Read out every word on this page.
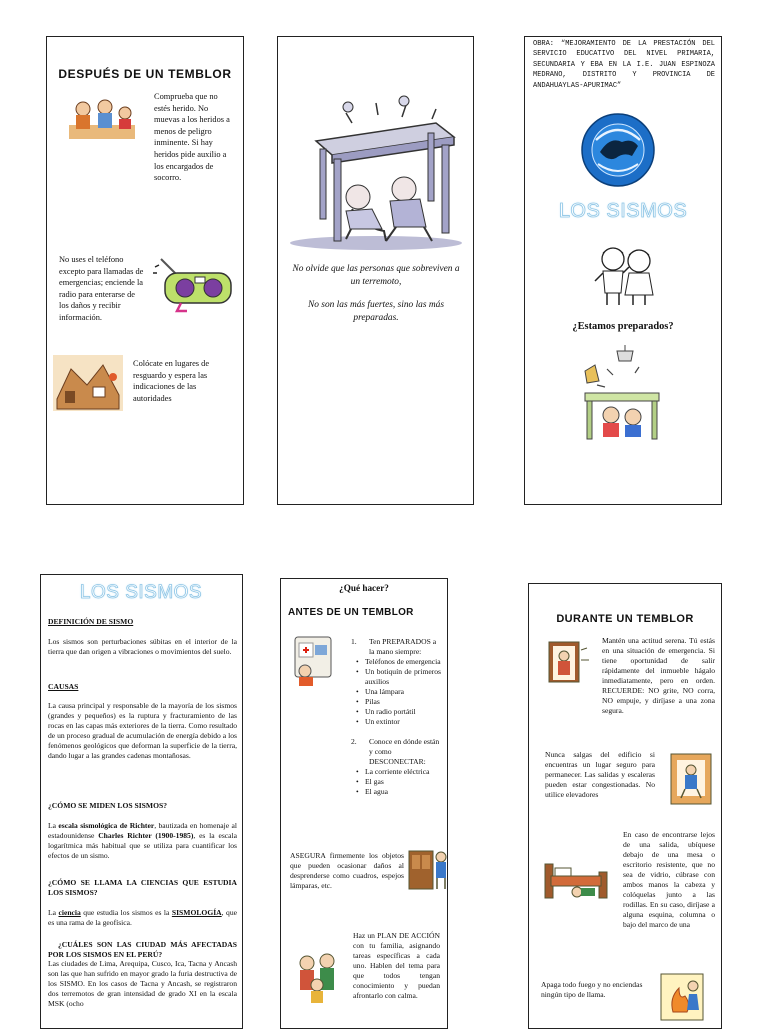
DESPUÉS DE UN TEMBLOR
Comprueba que no estés herido. No muevas a los heridos a menos de peligro inminente. Si hay heridos pide auxilio a los encargados de socorro.
No uses el teléfono excepto para llamadas de emergencias; enciende la radio para enterarse de los daños y recibir información.
Colócate en lugares de resguardo y espera las indicaciones de las autoridades
No olvide que las personas que sobreviven a un terremoto,
No son las más fuertes, sino las más preparadas.
OBRA: “MEJORAMIENTO DE LA PRESTACIÓN DEL SERVICIO EDUCATIVO DEL NIVEL PRIMARIA, SECUNDARIA Y EBA EN LA I.E. JUAN ESPINOZA MEDRANO, DISTRITO Y PROVINCIA DE ANDAHUAYLAS-APURIMAC”
LOS SISMOS
¿Estamos preparados?
LOS SISMOS
DEFINICIÓN DE SISMO
Los sismos son perturbaciones súbitas en el interior de la tierra que dan origen a vibraciones o movimientos del suelo.
CAUSAS
La causa principal y responsable de la mayoría de los sismos (grandes y pequeños) es la ruptura y fracturamiento de las rocas en las capas más exteriores de la tierra. Como resultado de un proceso gradual de acumulación de energía debido a los fenómenos geológicos que deforman la superficie de la tierra, dando lugar a las grandes cadenas montañosas.
¿CÓMO SE MIDEN LOS SISMOS?
La escala sismológica de Richter, bautizada en homenaje al estadounidense Charles Richter (1900-1985), es la escala logarítmica más habitual que se utiliza para cuantificar los efectos de un sismo.
¿CÓMO SE LLAMA LA CIENCIAS QUE ESTUDIA LOS SISMOS?
La ciencia que estudia los sismos es la SISMOLOGÍA, que es una rama de la geofísica.
¿CUÁLES SON LAS CIUDAD MÁS AFECTADAS POR LOS SISMOS EN EL PERÚ?
Las ciudades de Lima, Arequipa, Cusco, Ica, Tacna y Ancash son las que han sufrido en mayor grado la furia destructiva de los SISMO. En los casos de Tacna y Ancash, se registraron dos terremotos de gran intensidad de grado XI en la escala MSK (ocho
¿Qué hacer?
ANTES DE UN TEMBLOR
1. Ten PREPARADOS a la mano siempre:
• Teléfonos de emergencia
• Un botiquín de primeros auxilios
• Una lámpara
• Pilas
• Un radio portátil
• Un extintor
2. Conoce en dónde están y como DESCONECTAR:
• La corriente eléctrica
• El gas
• El agua
ASEGURA firmemente los objetos que pueden ocasionar daños al desprenderse como cuadros, espejos lámparas, etc.
Haz un PLAN DE ACCIÓN con tu familia, asignando tareas específicas a cada uno. Hablen del tema para que todos tengan conocimiento y puedan afrontarlo con calma.
DURANTE UN TEMBLOR
Mantén una actitud serena. Tú estás en una situación de emergencia. Si tiene oportunidad de salir rápidamente del inmueble hágalo inmediatamente, pero en orden. RECUERDE: NO grite, NO corra, NO empuje, y diríjase a una zona segura.
Nunca salgas del edificio si encuentras un lugar seguro para permanecer. Las salidas y escaleras pueden estar congestionadas. No utilice elevadores
En caso de encontrarse lejos de una salida, ubíquese debajo de una mesa o escritorio resistente, que no sea de vidrio, cúbrase con ambos manos la cabeza y colóquelas junto a las rodillas. En su caso, diríjase a alguna esquina, columna o bajo del marco de una
Apaga todo fuego y no enciendas ningún tipo de llama.
